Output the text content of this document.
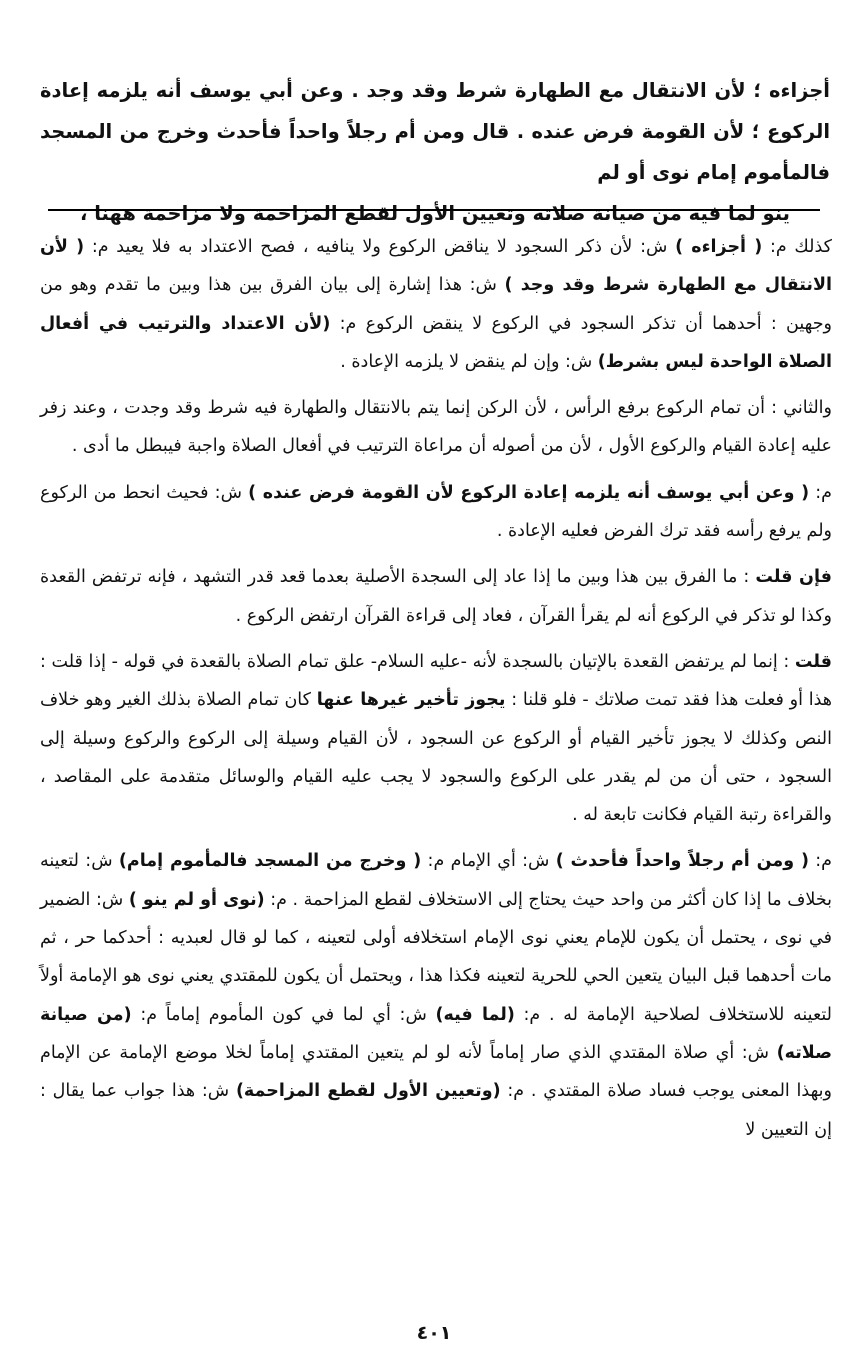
أجزاءه ؛ لأن الانتقال مع الطهارة شرط وقد وجد . وعن أبي يوسف أنه يلزمه إعادة الركوع ؛ لأن القومة فرض عنده . قال ومن أم رجلاً واحداً فأحدث وخرج من المسجد فالمأموم إمام نوى أو لم

ينو لما فيه من صيانة صلاته وتعيين الأول لقطع المزاحمة ولا مزاحمة ههنا ،

كذلك م: ( أجزاءه ) ش: لأن ذكر السجود لا يناقض الركوع ولا ينافيه ، فصح الاعتداد به فلا يعيد م: ( لأن الانتقال مع الطهارة شرط وقد وجد ) ش: هذا إشارة إلى بيان الفرق بين هذا وبين ما تقدم وهو من وجهين : أحدهما أن تذكر السجود في الركوع لا ينقض الركوع م: (لأن الاعتداد والترتيب في أفعال الصلاة الواحدة ليس بشرط) ش: وإن لم ينقض لا يلزمه الإعادة .

والثاني : أن تمام الركوع برفع الرأس ، لأن الركن إنما يتم بالانتقال والطهارة فيه شرط وقد وجدت ، وعند زفر عليه إعادة القيام والركوع الأول ، لأن من أصوله أن مراعاة الترتيب في أفعال الصلاة واجبة فيبطل ما أدى .

م: ( وعن أبي يوسف أنه يلزمه إعادة الركوع لأن القومة فرض عنده ) ش: فحيث انحط من الركوع ولم يرفع رأسه فقد ترك الفرض فعليه الإعادة .

فإن قلت : ما الفرق بين هذا وبين ما إذا عاد إلى السجدة الأصلية بعدما قعد قدر التشهد ، فإنه ترتفض القعدة وكذا لو تذكر في الركوع أنه لم يقرأ القرآن ، فعاد إلى قراءة القرآن ارتفض الركوع .

قلت : إنما لم يرتفض القعدة بالإتيان بالسجدة لأنه -عليه السلام- علق تمام الصلاة بالقعدة في قوله - إذا قلت : هذا أو فعلت هذا فقد تمت صلاتك - فلو قلنا : يجوز تأخير غيرها عنها كان تمام الصلاة بذلك الغير وهو خلاف النص وكذلك لا يجوز تأخير القيام أو الركوع عن السجود ، لأن القيام وسيلة إلى الركوع والركوع وسيلة إلى السجود ، حتى أن من لم يقدر على الركوع والسجود لا يجب عليه القيام والوسائل متقدمة على المقاصد ، والقراءة رتبة القيام فكانت تابعة له .

م: ( ومن أم رجلاً واحداً فأحدث ) ش: أي الإمام م: ( وخرج من المسجد فالمأموم إمام) ش: لتعينه بخلاف ما إذا كان أكثر من واحد حيث يحتاج إلى الاستخلاف لقطع المزاحمة . م: (نوى أو لم ينو ) ش: الضمير في نوى ، يحتمل أن يكون للإمام يعني نوى الإمام استخلافه أولى لتعينه ، كما لو قال لعبديه : أحدكما حر ، ثم مات أحدهما قبل البيان يتعين الحي للحرية لتعينه فكذا هذا ، ويحتمل أن يكون للمقتدي يعني نوى هو الإمامة أولاً لتعينه للاستخلاف لصلاحية الإمامة له . م: (لما فيه) ش: أي لما في كون المأموم إماماً م: (من صيانة صلاته) ش: أي صلاة المقتدي الذي صار إماماً لأنه لو لم يتعين المقتدي إماماً لخلا موضع الإمامة عن الإمام وبهذا المعنى يوجب فساد صلاة المقتدي . م: (وتعيين الأول لقطع المزاحمة) ش: هذا جواب عما يقال : إن التعيين لا

٤٠١
